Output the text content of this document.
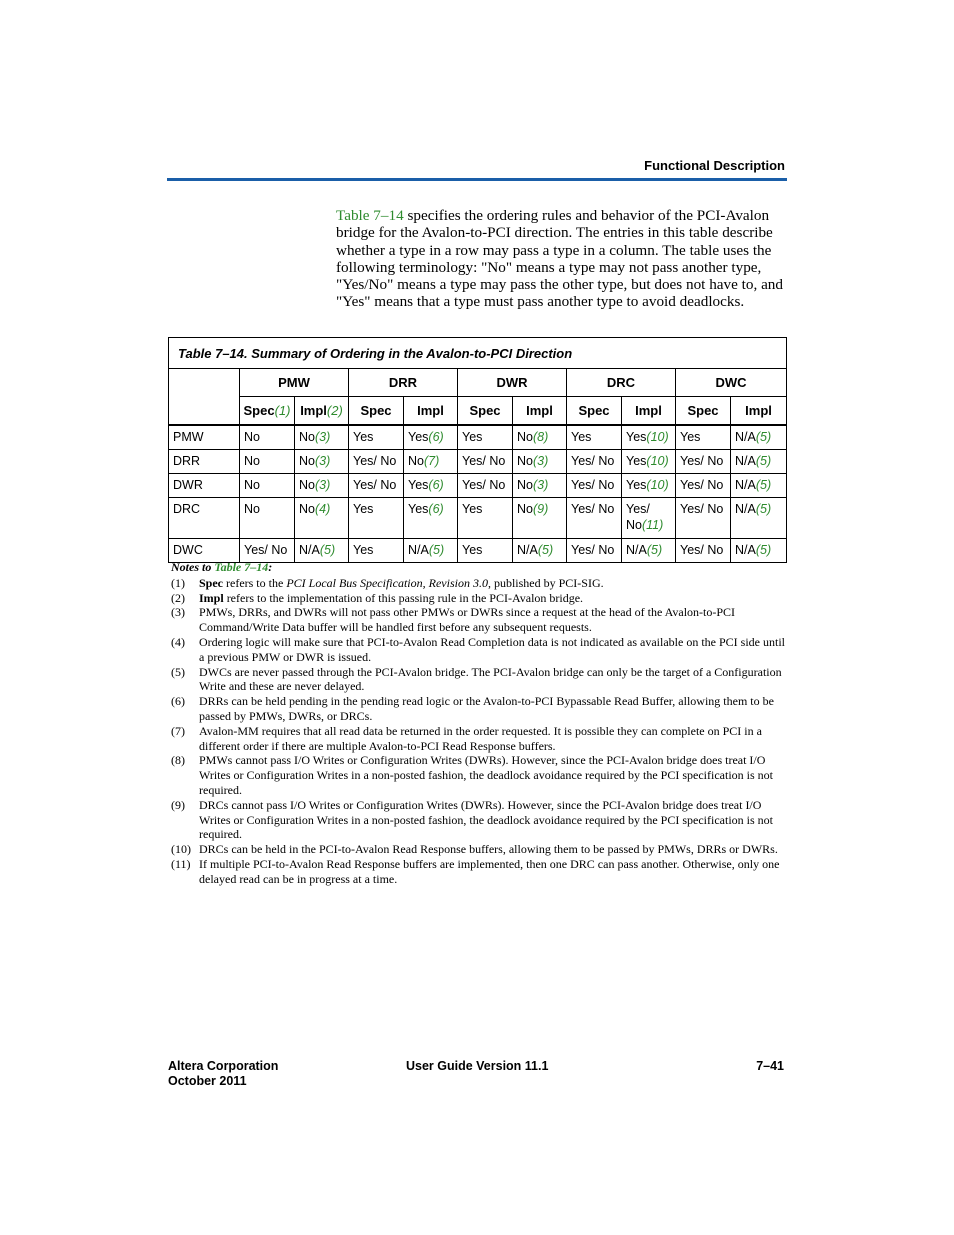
Functional Description
Table 7–14 specifies the ordering rules and behavior of the PCI-Avalon bridge for the Avalon-to-PCI direction. The entries in this table describe whether a type in a row may pass a type in a column. The table uses the following terminology: "No" means a type may not pass another type, "Yes/No" means a type may pass the other type, but does not have to, and "Yes" means that a type must pass another type to avoid deadlocks.
Table 7–14. Summary of Ordering in the Avalon-to-PCI Direction										
	PMW		DRR		DWR		DRC		DWC	
	Spec(1)	Impl(2)	Spec	Impl	Spec	Impl	Spec	Impl	Spec	Impl
PMW	No	No(3)	Yes	Yes(6)	Yes	No(8)	Yes	Yes(10)	Yes	N/A(5)
DRR	No	No(3)	Yes/ No	No(7)	Yes/ No	No(3)	Yes/ No	Yes(10)	Yes/ No	N/A(5)
DWR	No	No(3)	Yes/ No	Yes(6)	Yes/ No	No(3)	Yes/ No	Yes(10)	Yes/ No	N/A(5)
DRC	No	No(4)	Yes	Yes(6)	Yes	No(9)	Yes/ No	Yes/ No(11)	Yes/ No	N/A(5)
DWC	Yes/ No	N/A(5)	Yes	N/A(5)	Yes	N/A(5)	Yes/ No	N/A(5)	Yes/ No	N/A(5)
Notes to Table 7–14:
(1)	Spec refers to the PCI Local Bus Specification, Revision 3.0, published by PCI-SIG.
(2)	Impl refers to the implementation of this passing rule in the PCI-Avalon bridge.
(3)	PMWs, DRRs, and DWRs will not pass other PMWs or DWRs since a request at the head of the Avalon-to-PCI Command/Write Data buffer will be handled first before any subsequent requests.
(4)	Ordering logic will make sure that PCI-to-Avalon Read Completion data is not indicated as available on the PCI side until a previous PMW or DWR is issued.
(5)	DWCs are never passed through the PCI-Avalon bridge. The PCI-Avalon bridge can only be the target of a Configuration Write and these are never delayed.
(6)	DRRs can be held pending in the pending read logic or the Avalon-to-PCI Bypassable Read Buffer, allowing them to be passed by PMWs, DWRs, or DRCs.
(7)	Avalon-MM requires that all read data be returned in the order requested. It is possible they can complete on PCI in a different order if there are multiple Avalon-to-PCI Read Response buffers.
(8)	PMWs cannot pass I/O Writes or Configuration Writes (DWRs). However, since the PCI-Avalon bridge does treat I/O Writes or Configuration Writes in a non-posted fashion, the deadlock avoidance required by the PCI specification is not required.
(9)	DRCs cannot pass I/O Writes or Configuration Writes (DWRs). However, since the PCI-Avalon bridge does treat I/O Writes or Configuration Writes in a non-posted fashion, the deadlock avoidance required by the PCI specification is not required.
(10) DRCs can be held in the PCI-to-Avalon Read Response buffers, allowing them to be passed by PMWs, DRRs or DWRs.
(11) If multiple PCI-to-Avalon Read Response buffers are implemented, then one DRC can pass another. Otherwise, only one delayed read can be in progress at a time.
Altera Corporation
October 2011
User Guide Version 11.1	7–41
